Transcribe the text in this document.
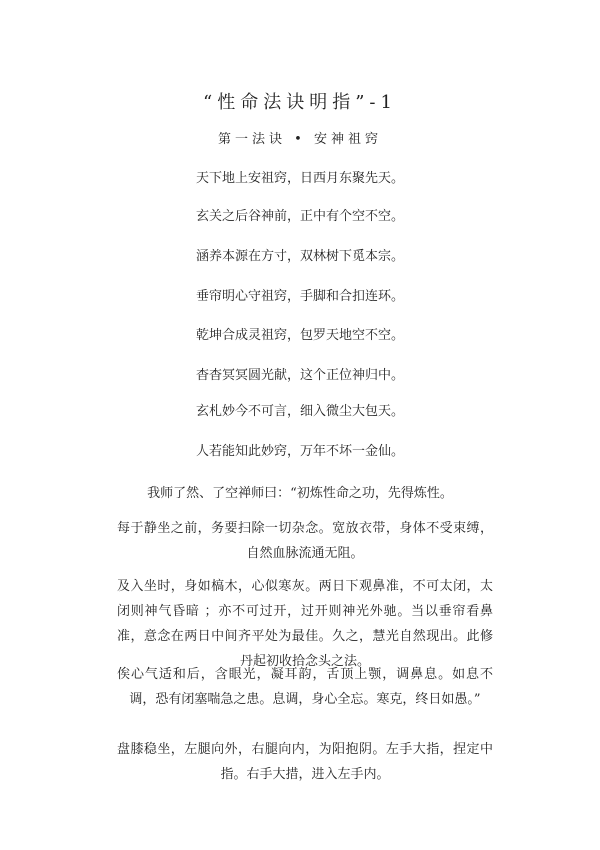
“性命法诀明指”-1

第一法诀 • 安神祖窍

天下地上安祖窍，日西月东聚先天。

玄关之后谷神前，正中有个空不空。

涵养本源在方寸，双林树下觅本宗。

垂帘明心守祖窍，手脚和合扣连环。

乾坤合成灵祖窍，包罗天地空不空。

杳杳冥冥圆光献，这个正位神归中。

玄札妙今不可言，细入微尘大包天。

人若能知此妙窍，万年不坏一金仙。

我师了然、了空禅师曰：“初炼性命之功，先得炼性。

每于静坐之前，务要扫除一切杂念。宽放衣带，身体不受束缚，自然血脉流通无阻。

及入坐时，身如槁木，心似寒灰。两日下观鼻准，不可太闭，太闭则神气昏暗 ；亦不可过开，过开则神光外驰。当以垂帘看鼻准，意念在两日中间齐平处为最佳。久之，慧光自然现出。此修丹起初收拾念头之法。

俟心气适和后，含眼光，凝耳韵，舌顶上颚，调鼻息。如息不调，恐有闭塞喘急之患。息调，身心全忘。寒克，终日如愚。”

盘膝稳坐，左腿向外，右腿向内，为阳抱阴。左手大指，捏定中指。右手大措，进入左手内。
